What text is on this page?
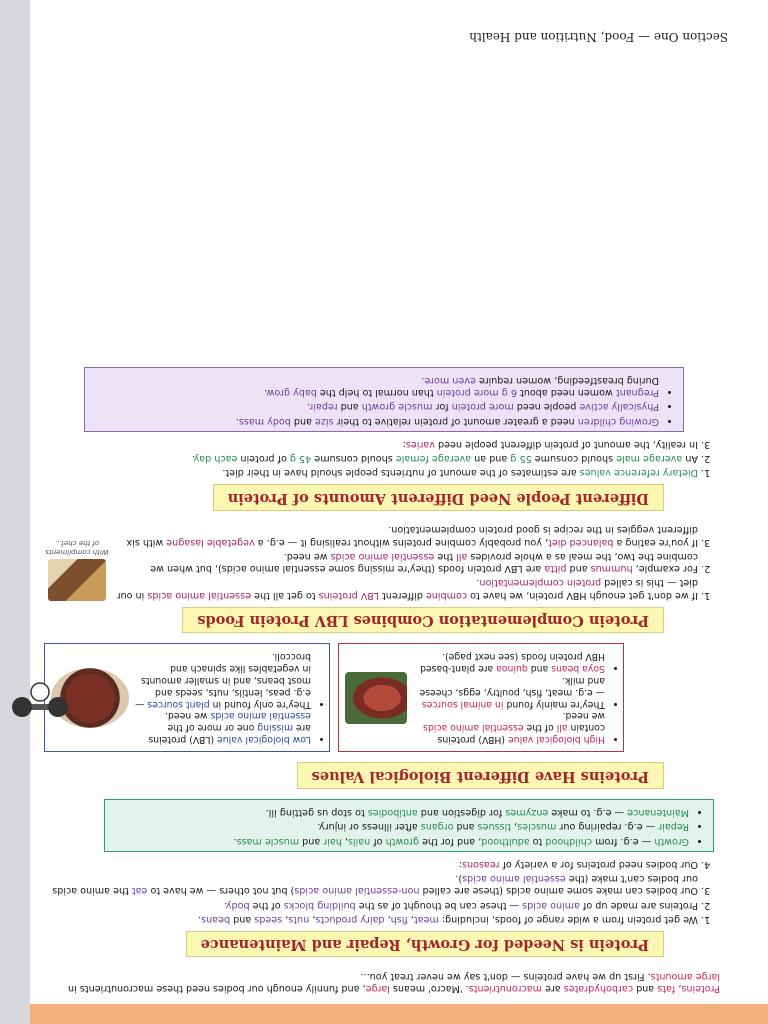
Proteins, fats and carbohydrates are macronutrients. 'Macro' means large, and funnily enough our bodies need these macronutrients in large amounts. First up we have proteins — don't say we never treat you...

Protein is Needed for Growth, Repair and Maintenance
1. We get protein from a wide range of foods, including: meat, fish, dairy products, nuts, seeds and beans.
2. Proteins are made up of amino acids — these can be thought of as the building blocks of the body.
3. Our bodies can make some amino acids (these are called non-essential amino acids) but not others — we have to eat the amino acids our bodies can't make (the essential amino acids).
4. Our bodies need proteins for a variety of reasons:
• Growth — e.g. from childhood to adulthood, and for the growth of nails, hair and muscle mass.
• Repair — e.g. repairing our muscles, tissues and organs after illness or injury.
• Maintenance — e.g. to make enzymes for digestion and antibodies to stop us getting ill.
Proteins Have Different Biological Values
• High biological value (HBV) proteins contain all of the essential amino acids we need.
• They're mainly found in animal sources — e.g. meat, fish, poultry, eggs, cheese and milk.
• Soya beans and quinoa are plant-based HBV protein foods (see next page).
• Low biological value (LBV) proteins are missing one or more of the essential amino acids we need.
• They're only found in plant sources — e.g. peas, lentils, nuts, seeds and most beans, and in smaller amounts in vegetables like spinach and broccoli.
Protein Complementation Combines LBV Protein Foods
1. If we don't get enough HBV protein, we have to combine different LBV proteins to get all the essential amino acids in our diet — this is called protein complementation.
2. For example, hummus and pitta are LBV protein foods (they're missing some essential amino acids), but when we combine the two, the meal as a whole provides all the essential amino acids we need.
3. If you're eating a balanced diet, you probably combine proteins without realising it — e.g. a vegetable lasagne with six different veggies in the recipe is good protein complementation.
With compliments of the chef...
Different People Need Different Amounts of Protein
1. Dietary reference values are estimates of the amount of nutrients people should have in their diet.
2. An average male should consume 55 g and an average female should consume 45 g of protein each day.
3. In reality, the amount of protein different people need varies:
• Growing children need a greater amount of protein relative to their size and body mass.
• Physically active people need more protein for muscle growth and repair.
• Pregnant women need about 6 g more protein than normal to help the baby grow.
During breastfeeding, women require even more.
Section One — Food, Nutrition and Health
